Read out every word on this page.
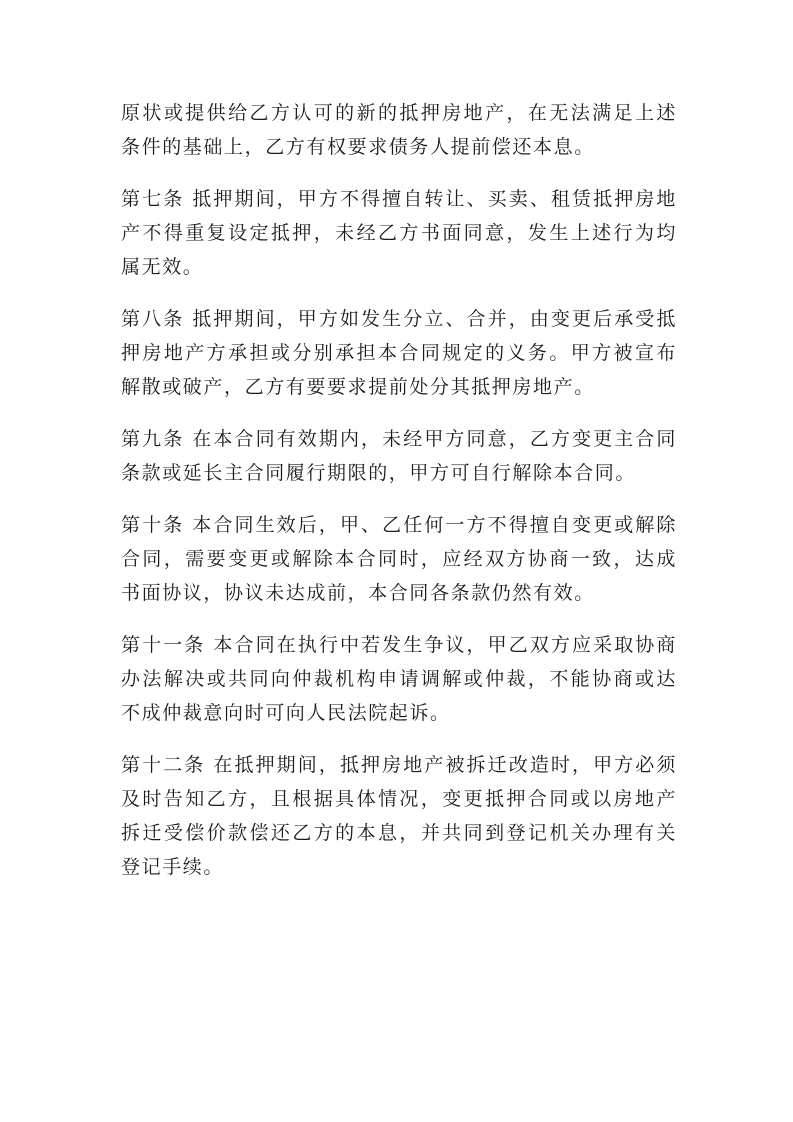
原状或提供给乙方认可的新的抵押房地产，在无法满足上述条件的基础上，乙方有权要求债务人提前偿还本息。

第七条 抵押期间，甲方不得擅自转让、买卖、租赁抵押房地产不得重复设定抵押，未经乙方书面同意，发生上述行为均属无效。

第八条 抵押期间，甲方如发生分立、合并，由变更后承受抵押房地产方承担或分别承担本合同规定的义务。甲方被宣布解散或破产，乙方有要要求提前处分其抵押房地产。

第九条 在本合同有效期内，未经甲方同意，乙方变更主合同条款或延长主合同履行期限的，甲方可自行解除本合同。

第十条 本合同生效后，甲、乙任何一方不得擅自变更或解除合同，需要变更或解除本合同时，应经双方协商一致，达成书面协议，协议未达成前，本合同各条款仍然有效。

第十一条 本合同在执行中若发生争议，甲乙双方应采取协商办法解决或共同向仲裁机构申请调解或仲裁，不能协商或达不成仲裁意向时可向人民法院起诉。

第十二条 在抵押期间，抵押房地产被拆迁改造时，甲方必须及时告知乙方，且根据具体情况，变更抵押合同或以房地产拆迁受偿价款偿还乙方的本息，并共同到登记机关办理有关登记手续。
